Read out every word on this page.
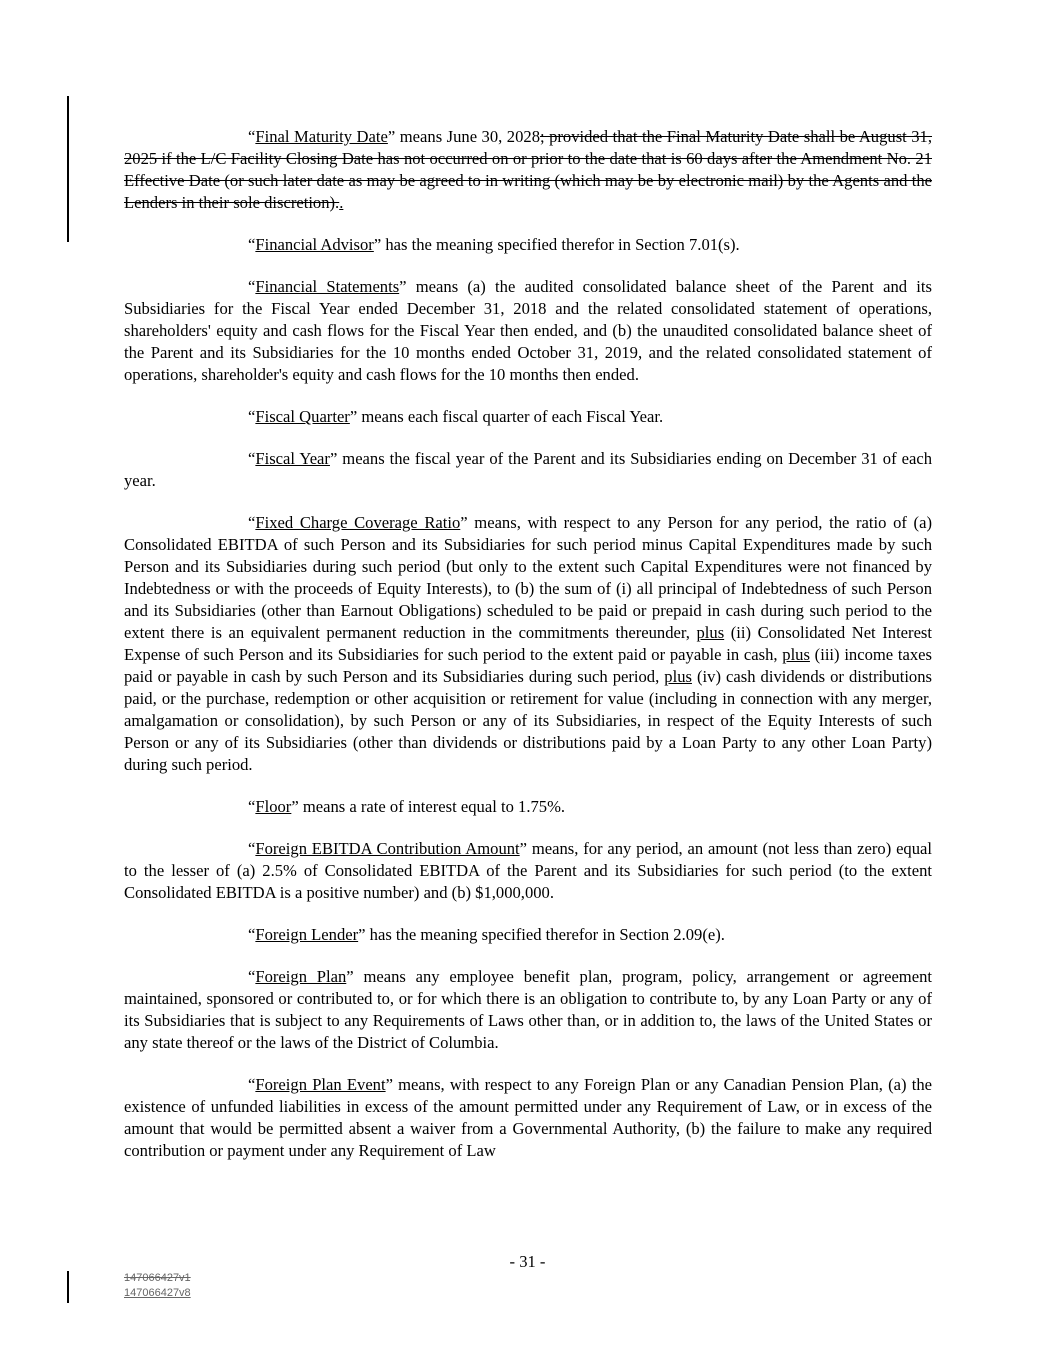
“Final Maturity Date” means June 30, 2028; provided that the Final Maturity Date shall be August 31, 2025 if the L/C Facility Closing Date has not occurred on or prior to the date that is 60 days after the Amendment No. 21 Effective Date (or such later date as may be agreed to in writing (which may be by electronic mail) by the Agents and the Lenders in their sole discretion)..

“Financial Advisor” has the meaning specified therefor in Section 7.01(s).

“Financial Statements” means (a) the audited consolidated balance sheet of the Parent and its Subsidiaries for the Fiscal Year ended December 31, 2018 and the related consolidated statement of operations, shareholders' equity and cash flows for the Fiscal Year then ended, and (b) the unaudited consolidated balance sheet of the Parent and its Subsidiaries for the 10 months ended October 31, 2019, and the related consolidated statement of operations, shareholder's equity and cash flows for the 10 months then ended.

“Fiscal Quarter” means each fiscal quarter of each Fiscal Year.

“Fiscal Year” means the fiscal year of the Parent and its Subsidiaries ending on December 31 of each year.

“Fixed Charge Coverage Ratio” means, with respect to any Person for any period, the ratio of (a) Consolidated EBITDA of such Person and its Subsidiaries for such period minus Capital Expenditures made by such Person and its Subsidiaries during such period (but only to the extent such Capital Expenditures were not financed by Indebtedness or with the proceeds of Equity Interests), to (b) the sum of (i) all principal of Indebtedness of such Person and its Subsidiaries (other than Earnout Obligations) scheduled to be paid or prepaid in cash during such period to the extent there is an equivalent permanent reduction in the commitments thereunder, plus (ii) Consolidated Net Interest Expense of such Person and its Subsidiaries for such period to the extent paid or payable in cash, plus (iii) income taxes paid or payable in cash by such Person and its Subsidiaries during such period, plus (iv) cash dividends or distributions paid, or the purchase, redemption or other acquisition or retirement for value (including in connection with any merger, amalgamation or consolidation), by such Person or any of its Subsidiaries, in respect of the Equity Interests of such Person or any of its Subsidiaries (other than dividends or distributions paid by a Loan Party to any other Loan Party) during such period.

“Floor” means a rate of interest equal to 1.75%.

“Foreign EBITDA Contribution Amount” means, for any period, an amount (not less than zero) equal to the lesser of (a) 2.5% of Consolidated EBITDA of the Parent and its Subsidiaries for such period (to the extent Consolidated EBITDA is a positive number) and (b) $1,000,000.

“Foreign Lender” has the meaning specified therefor in Section 2.09(e).

“Foreign Plan” means any employee benefit plan, program, policy, arrangement or agreement maintained, sponsored or contributed to, or for which there is an obligation to contribute to, by any Loan Party or any of its Subsidiaries that is subject to any Requirements of Laws other than, or in addition to, the laws of the United States or any state thereof or the laws of the District of Columbia.

“Foreign Plan Event” means, with respect to any Foreign Plan or any Canadian Pension Plan, (a) the existence of unfunded liabilities in excess of the amount permitted under any Requirement of Law, or in excess of the amount that would be permitted absent a waiver from a Governmental Authority, (b) the failure to make any required contribution or payment under any Requirement of Law

- 31 -
147066427v1
147066427v8
